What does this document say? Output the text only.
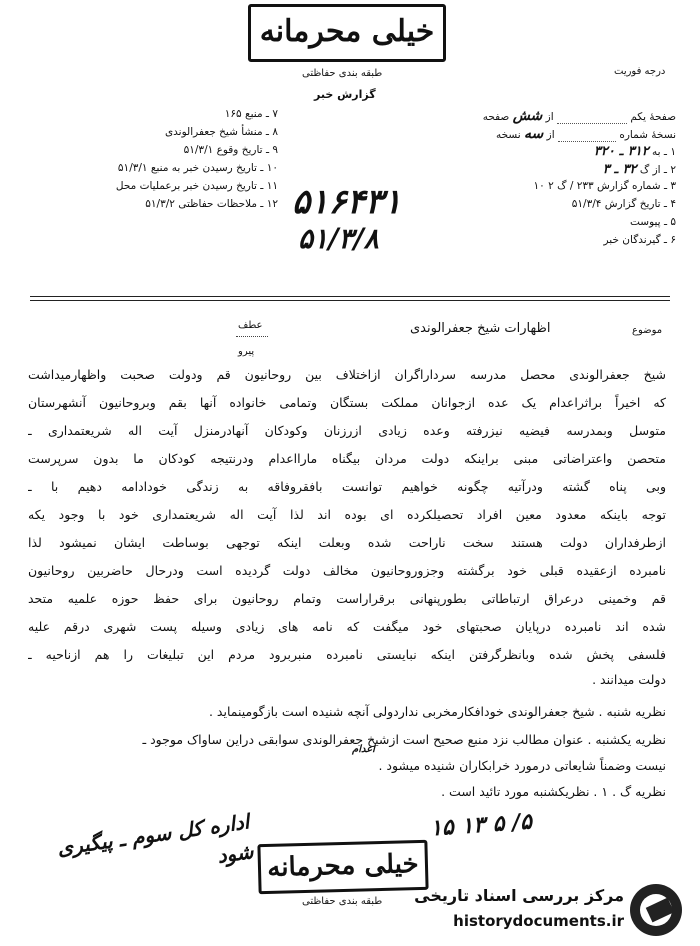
خیلی محرمانه
طبقه بندی حفاظتی
گزارش خبر
درجه فوریت
صفحهٔ یکم  از شش صفحه
نسخهٔ شماره  از سه نسخه
۱ ـ به ۳۱۲ ـ ۳۲۰
۲ ـ از گ ۳۲ ـ ۳
۳ ـ شماره گزارش ۲۳۳ / گ ۲ ۱۰
۴ ـ تاریخ گزارش ۵۱/۳/۴
۵ ـ پیوست
۶ ـ گیرندگان خبر
۷ ـ منبع ۱۶۵
۸ ـ منشأ شیخ جعفرالوندی
۹ ـ تاریخ وقوع ۵۱/۳/۱
۱۰ ـ تاریخ رسیدن خبر به منبع ۵۱/۳/۱
۱۱ ـ تاریخ رسیدن خبر برعملیات محل
۱۲ ـ ملاحظات حفاظتی ۵۱/۳/۲	۵۱۶۴۳۱
۵۱/۳/۸
عطف
پیرو
موضوع
اظهارات شیخ جعفرالوندی
شیخ جعفرالوندی محصل مدرسه سرداراگران ازاختلاف بین روحانیون قم ودولت صحبت واظهارمیداشت
که اخیراً براثراعدام یک عده ازجوانان مملکت بستگان وتمامی خانواده آنها بقم وبروحانیون آنشهرستان
متوسل وبمدرسه فیضیه نیزرفته وعده زیادی ازرزنان وکودکان آنهادرمنزل آیت اله شریعتمداری ـ
متحصن واعتراضاتی مبنی براینکه دولت مردان بیگناه مارااعدام ودرنتیجه کودکان ما بدون سرپرست
وبی پناه گشته ودرآتیه چگونه خواهیم توانست بافقروفاقه به زندگی خودادامه دهیم با ـ
توجه باینکه معدود معین افراد تحصیلکرده ای بوده اند لذا آیت اله شریعتمداری خود با وجود یکه
ازطرفداران دولت هستند سخت ناراحت شده وبعلت اینکه توجهی بوساطت ایشان نمیشود لذا
نامبرده ازعقیده قبلی خود برگشته وجزوروحانیون مخالف دولت گردیده است ودرحال حاضربین روحانیون
قم وخمینی درعراق ارتباطاتی بطورپنهانی برقراراست وتمام روحانیون برای حفظ حوزه علمیه متحد
شده اند نامبرده درپایان صحبتهای خود میگفت که نامه های زیادی وسیله پست شهری درقم علیه
فلسفی پخش شده وبانظرگرفتن اینکه نبایستی نامبرده منبربرود مردم این تبلیغات را هم ازناحیه ـ
دولت میدانند .
نظریه شنبه . شیخ جعفرالوندی خودافکارمخربی نداردولی آنچه شنیده است بازگومینماید .
نظریه یکشنبه . عنوان مطالب نزد منبع صحیح است ازشیخ جعفرالوندی سوابقی دراین ساواک موجود ـ
نیست وضمناً شایعاتی درمورد خرابکاران شنیده میشود .
اعدام
نظریه گ . ۱ . نظریکشنبه مورد تائید است .
۵/ ۵ ۱۳ ۱۵
اداره کل سوم ـ پیگیری شود خیلی محرمانه
طبقه بندی حفاظتی مرکز بررسی اسناد تاریخی
historydocuments.ir
